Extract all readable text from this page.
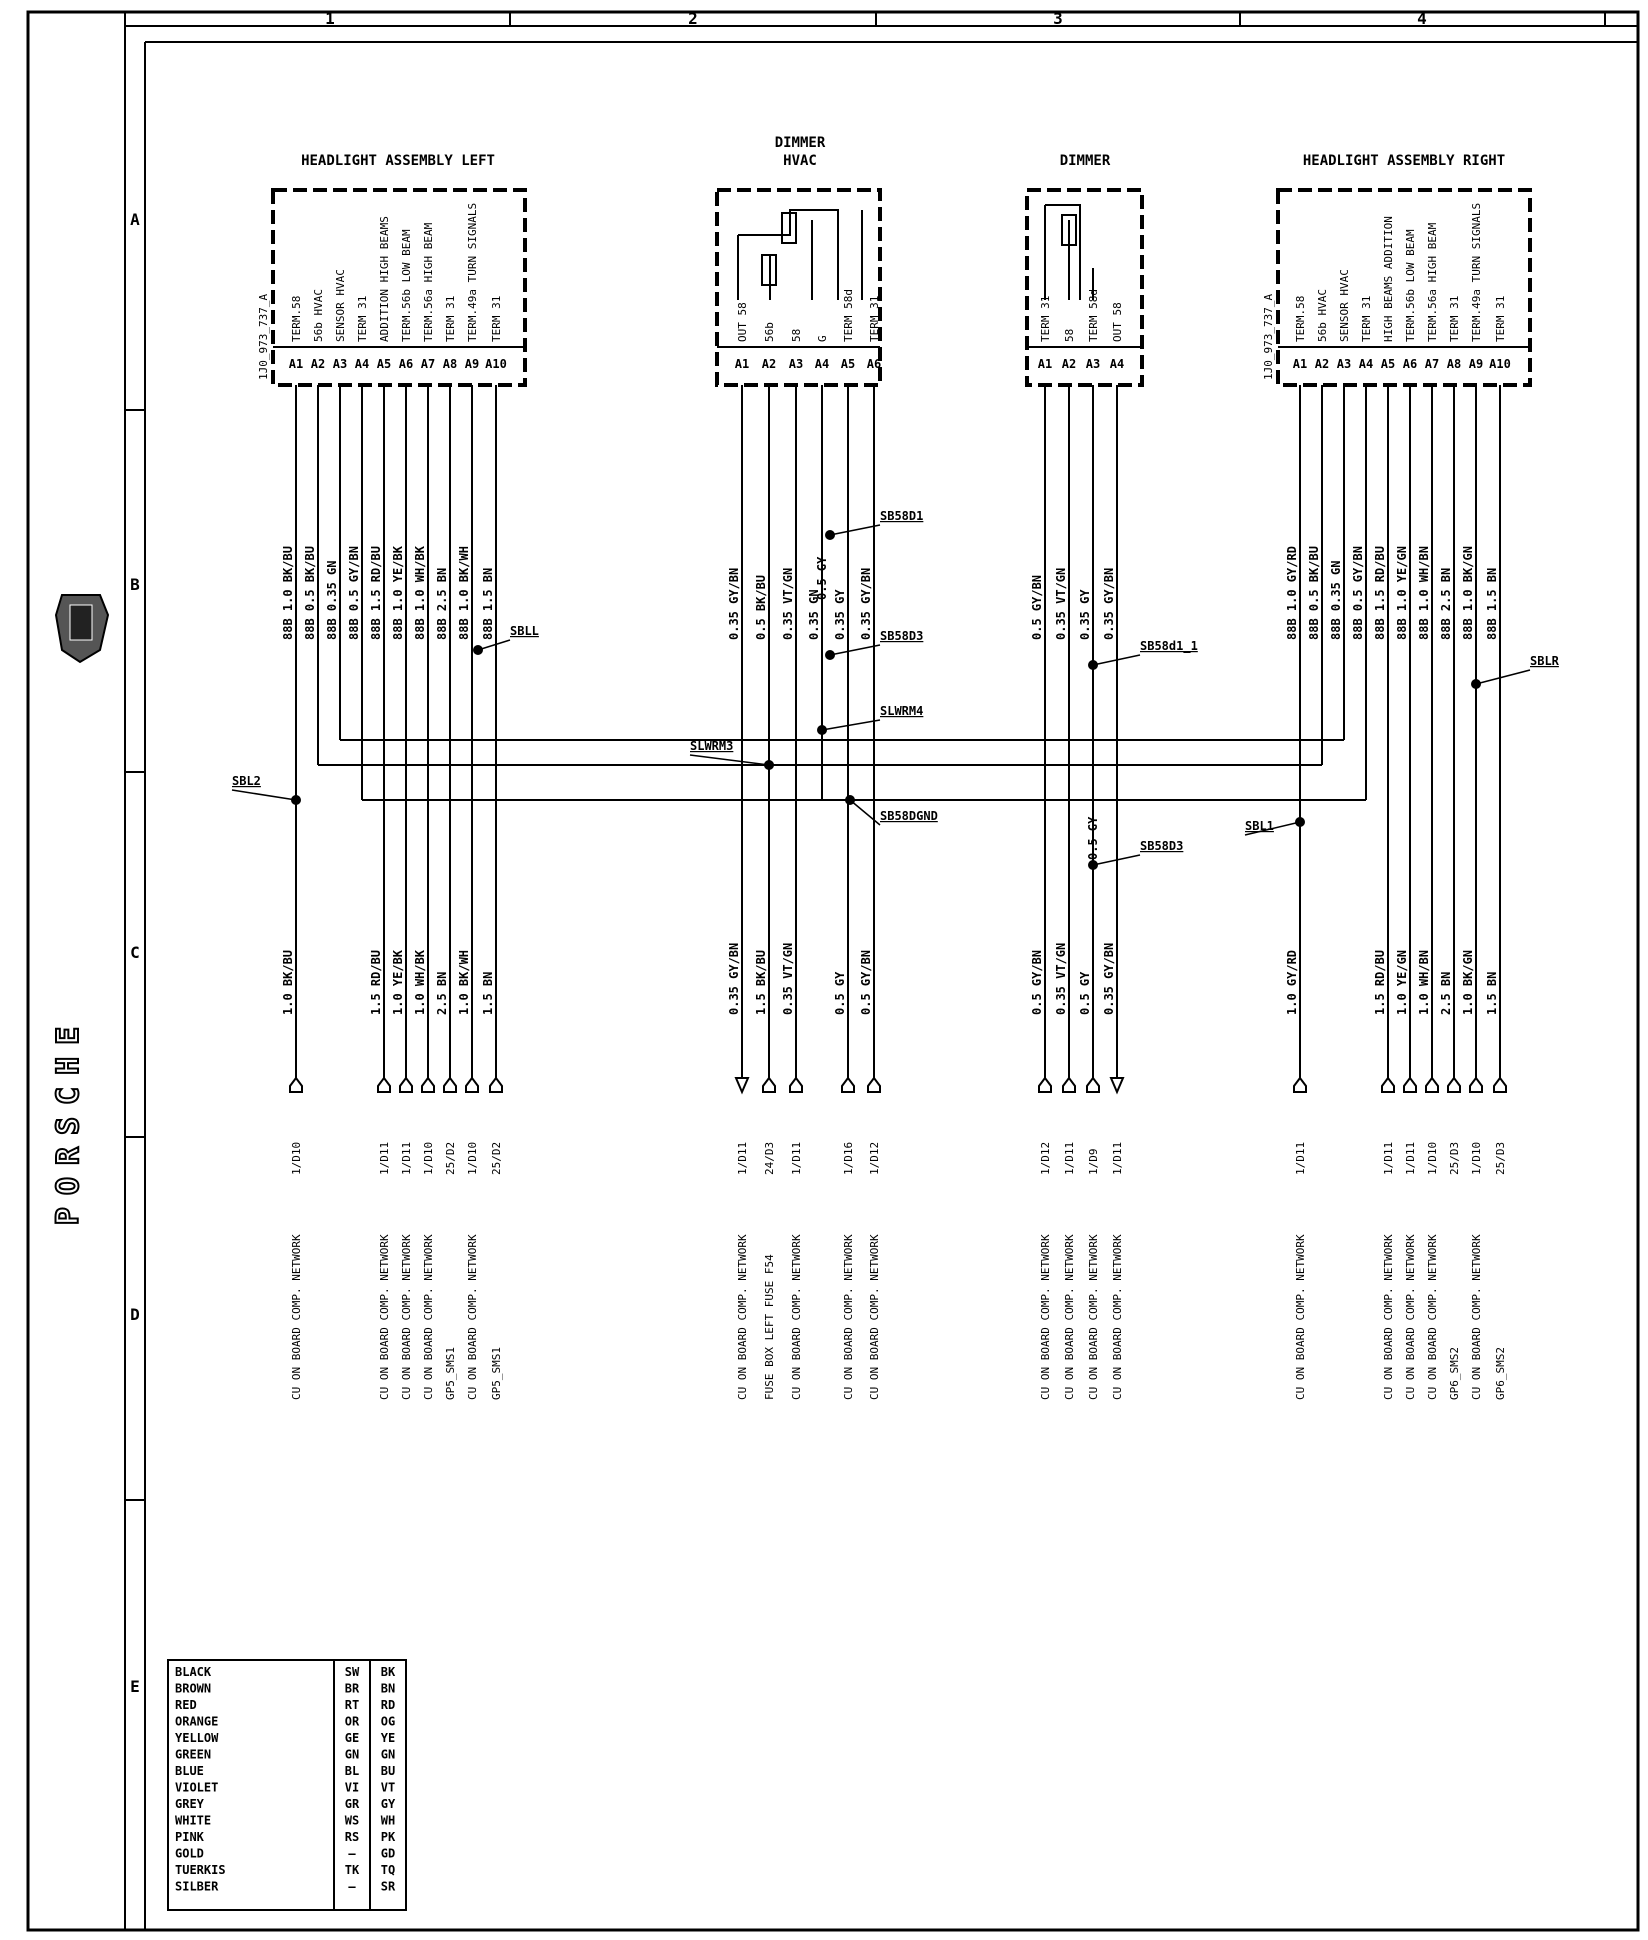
1	2	3	4
A
B
C
D
E
PORSCHE
HEADLIGHT ASSEMBLY LEFT
1J0_973_737_A TERM.58
A1
56b HVAC
A2
SENSOR HVAC
A3
TERM 31
A4
ADDITION HIGH BEAMS
A5
TERM.56b LOW BEAM
A6
TERM.56a HIGH BEAM
A7
TERM 31
A8
TERM.49a TURN SIGNALS
A9
TERM 31
A10
DIMMER
HVAC
OUT 58
A1
56b
A2
58
A3
G
A4
TERM 58d
A5
TERM 31
A6
DIMMER
TERM 31
A1
58
A2
TERM 58d
A3
OUT 58
A4
HEADLIGHT ASSEMBLY RIGHT
1J0_973_737_A TERM.58
A1
56b HVAC
A2
SENSOR HVAC
A3
TERM 31
A4
HIGH BEAMS ADDITION
A5
TERM.56b LOW BEAM
A6
TERM.56a HIGH BEAM
A7
TERM 31
A8
TERM.49a TURN SIGNALS
A9
TERM 31
A10
88B 1.0 BK/BU
1.0 BK/BU
1/D10
CU ON BOARD COMP. NETWORK
88B 0.5 BK/BU 88B 0.35 GN 88B 0.5 GY/BN 88B 1.5 RD/BU
1.5 RD/BU
1/D11
CU ON BOARD COMP. NETWORK
88B 1.0 YE/BK
1.0 YE/BK
1/D11
CU ON BOARD COMP. NETWORK
88B 1.0 WH/BK
1.0 WH/BK
1/D10
CU ON BOARD COMP. NETWORK
88B 2.5 BN
2.5 BN
25/D2
GP5_SMS1
88B 1.0 BK/WH
1.0 BK/WH
1/D10
CU ON BOARD COMP. NETWORK
88B 1.5 BN
1.5 BN
25/D2
GP5_SMS1
0.35 GY/BN
0.35 GY/BN
1/D11
CU ON BOARD COMP. NETWORK
0.5 BK/BU
1.5 BK/BU
24/D3
FUSE BOX LEFT FUSE F54
0.35 VT/GN
0.35 VT/GN
1/D11
CU ON BOARD COMP. NETWORK
0.35 GN 0.35 GY
0.5 GY
1/D16
CU ON BOARD COMP. NETWORK
0.35 GY/BN
0.5 GY/BN
1/D12
CU ON BOARD COMP. NETWORK
0.5 GY/BN
0.5 GY/BN
1/D12
CU ON BOARD COMP. NETWORK
0.35 VT/GN
0.35 VT/GN
1/D11
CU ON BOARD COMP. NETWORK
0.35 GY
0.5 GY
1/D9
CU ON BOARD COMP. NETWORK
0.35 GY/BN
0.35 GY/BN
1/D11
CU ON BOARD COMP. NETWORK
88B 1.0 GY/RD
1.0 GY/RD
1/D11
CU ON BOARD COMP. NETWORK
88B 0.5 BK/BU 88B 0.35 GN 88B 0.5 GY/BN 88B 1.5 RD/BU
1.5 RD/BU
1/D11
CU ON BOARD COMP. NETWORK
88B 1.0 YE/GN
1.0 YE/GN
1/D11
CU ON BOARD COMP. NETWORK
88B 1.0 WH/BN
1.0 WH/BN
1/D10
CU ON BOARD COMP. NETWORK
88B 2.5 BN
2.5 BN
25/D3
GP6_SMS2
88B 1.0 BK/GN
1.0 BK/GN
1/D10
CU ON BOARD COMP. NETWORK
88B 1.5 BN
1.5 BN
25/D3
GP6_SMS2
SBL2
SBLL
SLWRM3
SLWRM4
SB58D1
SB58D3
SB58DGND
SB58d1_1
SB58D3
SBL1
SBLR
0.5 GY
0.5 GY
BLACK	SW BK
BROWN	BR BN
RED	RT RD
ORANGE	OR OG
YELLOW	GE YE
GREEN	GN GN
BLUE	BL BU
VIOLET	VI VT
GREY	GR GY
WHITE	WS WH
PINK	RS PK
GOLD	— GD
TUERKIS	TK TQ
SILBER	— SR
